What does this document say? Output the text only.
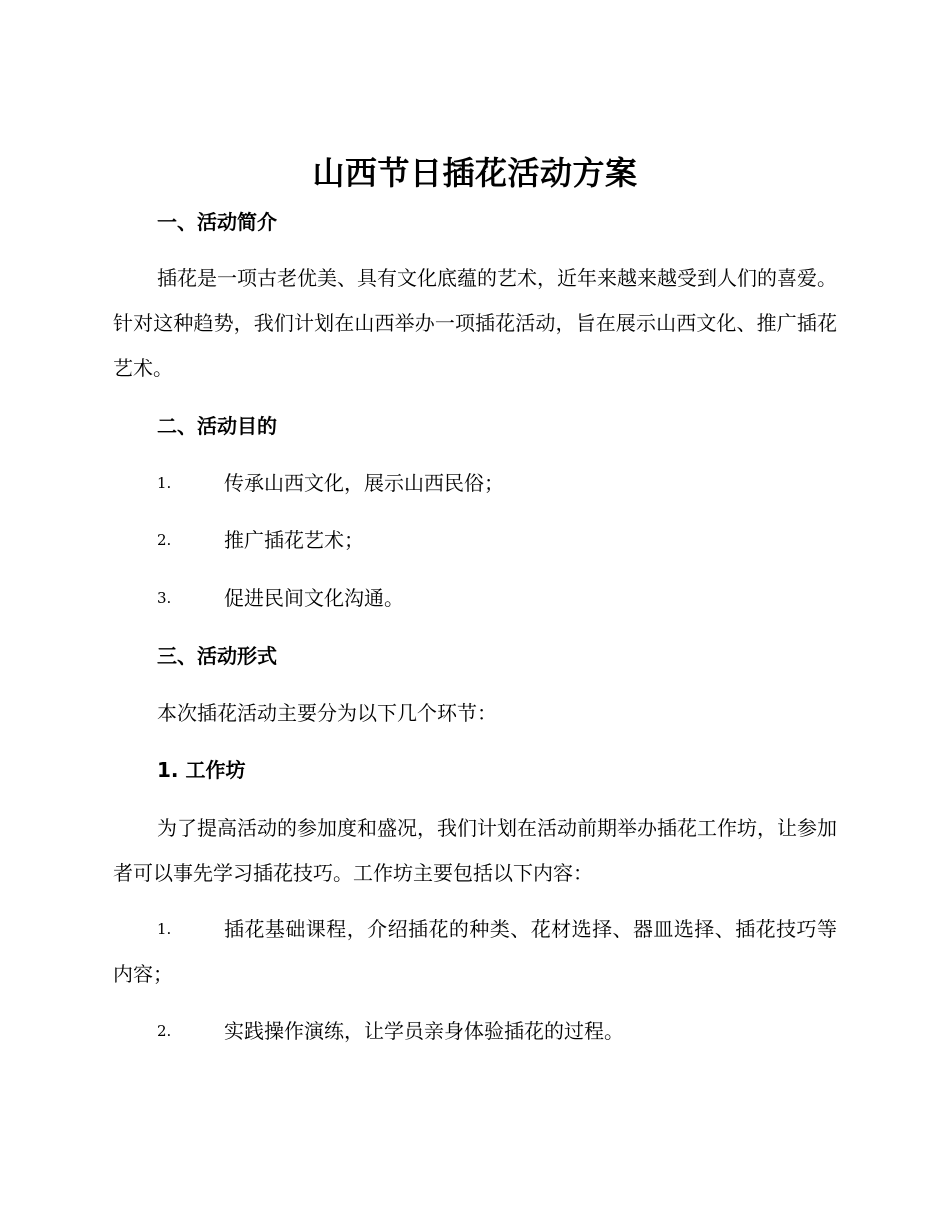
山西节日插花活动方案
一、活动简介
插花是一项古老优美、具有文化底蕴的艺术，近年来越来越受到人们的喜爱。针对这种趋势，我们计划在山西举办一项插花活动，旨在展示山西文化、推广插花艺术。
二、活动目的
1.	传承山西文化，展示山西民俗；
2.	推广插花艺术；
3.	促进民间文化沟通。
三、活动形式
本次插花活动主要分为以下几个环节：
1. 工作坊
为了提高活动的参加度和盛况，我们计划在活动前期举办插花工作坊，让参加者可以事先学习插花技巧。工作坊主要包括以下内容：
1.	插花基础课程，介绍插花的种类、花材选择、器皿选择、插花技巧等内容；
2.	实践操作演练，让学员亲身体验插花的过程。
